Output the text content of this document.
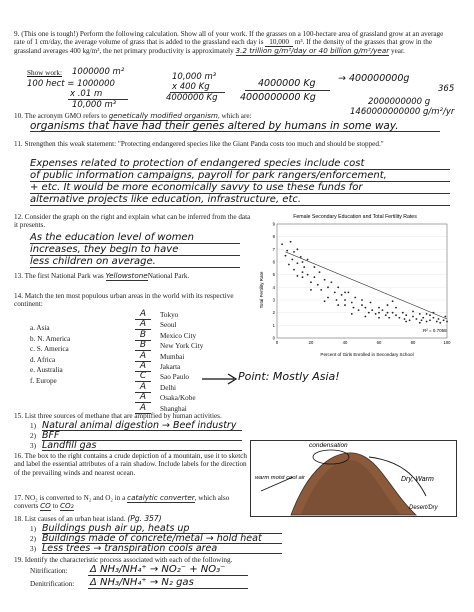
9. (This one is tough!) Perform the following calculation. Show all of your work. If the grasses on a 100-hectare area of grassland grow at an average rate of 1 cm/day, the average volume of grass that is added to the grassland each day is 10,000 m³. If the density of the grasses that grow in the grassland averages 400 kg/m³, the net primary productivity is approximately 3.2 trillion g/m²/day or 40 billion g/m²/year year.
Show work: 1000000 m²
100 hect = 1000000
x .01 m
10,000 m³
10,000 m³
x 400 Kg
4000000 Kg
4000000 Kg
4000000000 Kg
→ 400000000g
365
2000000000 g
1460000000000 g/m²/yr
10. The acronym GMO refers to genetically modified organism, which are:
organisms that have had their genes altered by humans in some way.
11. Strengthen this weak statement: "Protecting endangered species like the Giant Panda costs too much and should be stopped."
Expenses related to protection of endangered species include cost
of public information campaigns, payroll for park rangers/enforcement,
+ etc. It would be more economically savvy to use these funds for
alternative projects like education, infrastructure, etc.
12. Consider the graph on the right and explain what can be inferred from the data it presents.
As the education level of women
increases, they begin to have
less children on average.
Female Secondary Education and Total Fertility Rates
0
1
2
3
4
5
6
7
8
9
0	20	40	60	80	100
R² = 0.7058
Percent of Girls Enrolled in Secondary School
Total Fertility Rate
13. The first National Park was YellowstoneNational Park.
14. Match the ten most populous urban areas in the world with its respective continent:
a. Asia
b. N. America
c. S. America
d. Africa
e. Australia
f. Europe
A	Tokyo
A	Seoul
B	Mexico City
B	New York City
A	Mumbai
A	Jakarta
C	Sao Paulo
A	Delhi
A	Osaka/Kobe
A	Shanghai
Point: Mostly Asia!
15. List three sources of methane that are amplified by human activities.
1) Natural animal digestion → Beef industry
2) BFF
3) Landfill gas
16. The box to the right contains a crude depiction of a mountain, use it to sketch and label the essential attributes of a rain shadow. Include labels for the direction of the prevailing winds and nearest ocean.
condensation
warm moist cool air	Dry, Warm
Desert/Dry
17. NO₂ is converted to N₂ and O₂ in a catalytic converter, which also converts CO to CO₂
18. List causes of an urban heat island. (Pg. 357)
1) Buildings push air up, heats up
2) Buildings made of concrete/metal → hold heat
3) Less trees → transpiration cools area
19. Identify the characteristic process associated with each of the following.
Nitrification: Δ NH₃/NH₄⁺ → NO₂⁻ + NO₃⁻
Denitrification: Δ NH₃/NH₄⁺ → N₂ gas
